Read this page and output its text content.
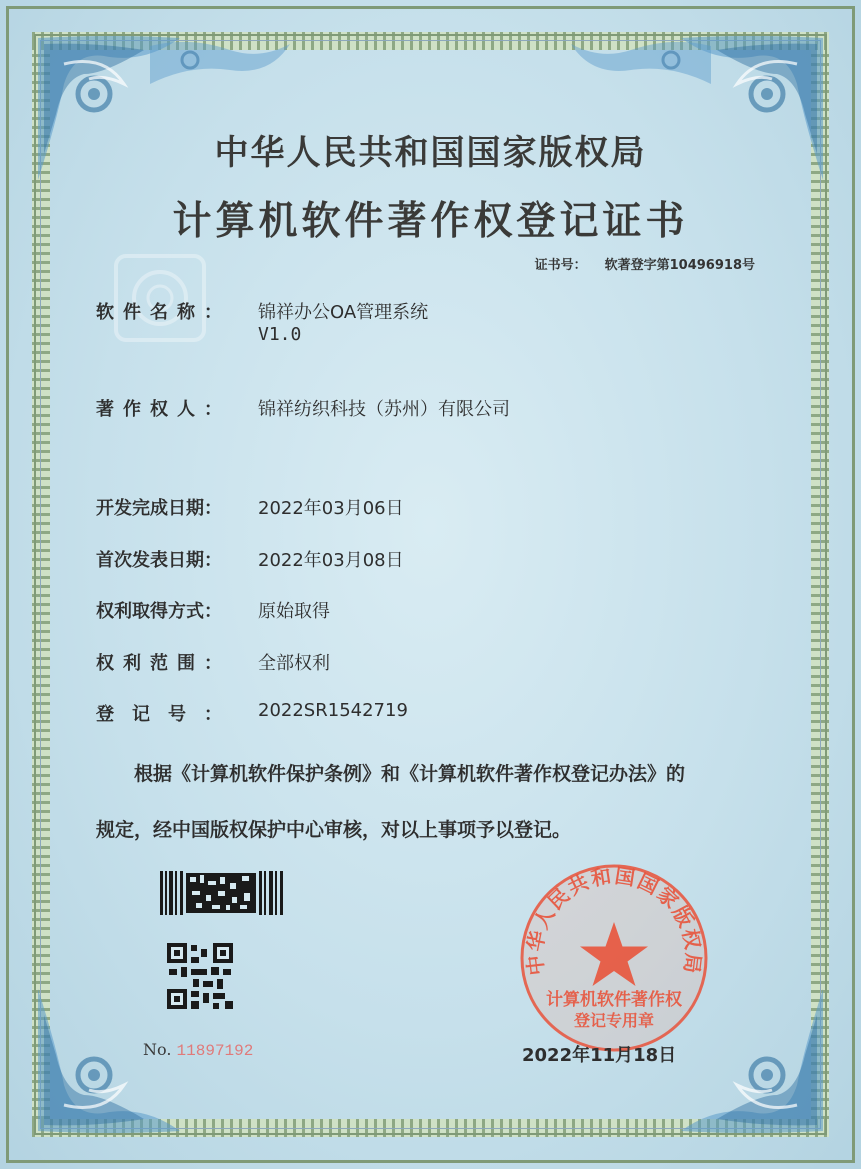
中华人民共和国国家版权局
计算机软件著作权登记证书
证书号： 软著登字第10496918号
软件名称： 锦祥办公OA管理系统
V1.0
著作权人： 锦祥纺织科技（苏州）有限公司
开发完成日期： 2022年03月06日
首次发表日期： 2022年03月08日
权利取得方式： 原始取得
权利范围： 全部权利
登记号： 2022SR1542719
根据《计算机软件保护条例》和《计算机软件著作权登记办法》的
规定，经中国版权保护中心审核，对以上事项予以登记。
No. 11897192
中华人民共和国国家版权局
计算机软件著作权
登记专用章
2022年11月18日
